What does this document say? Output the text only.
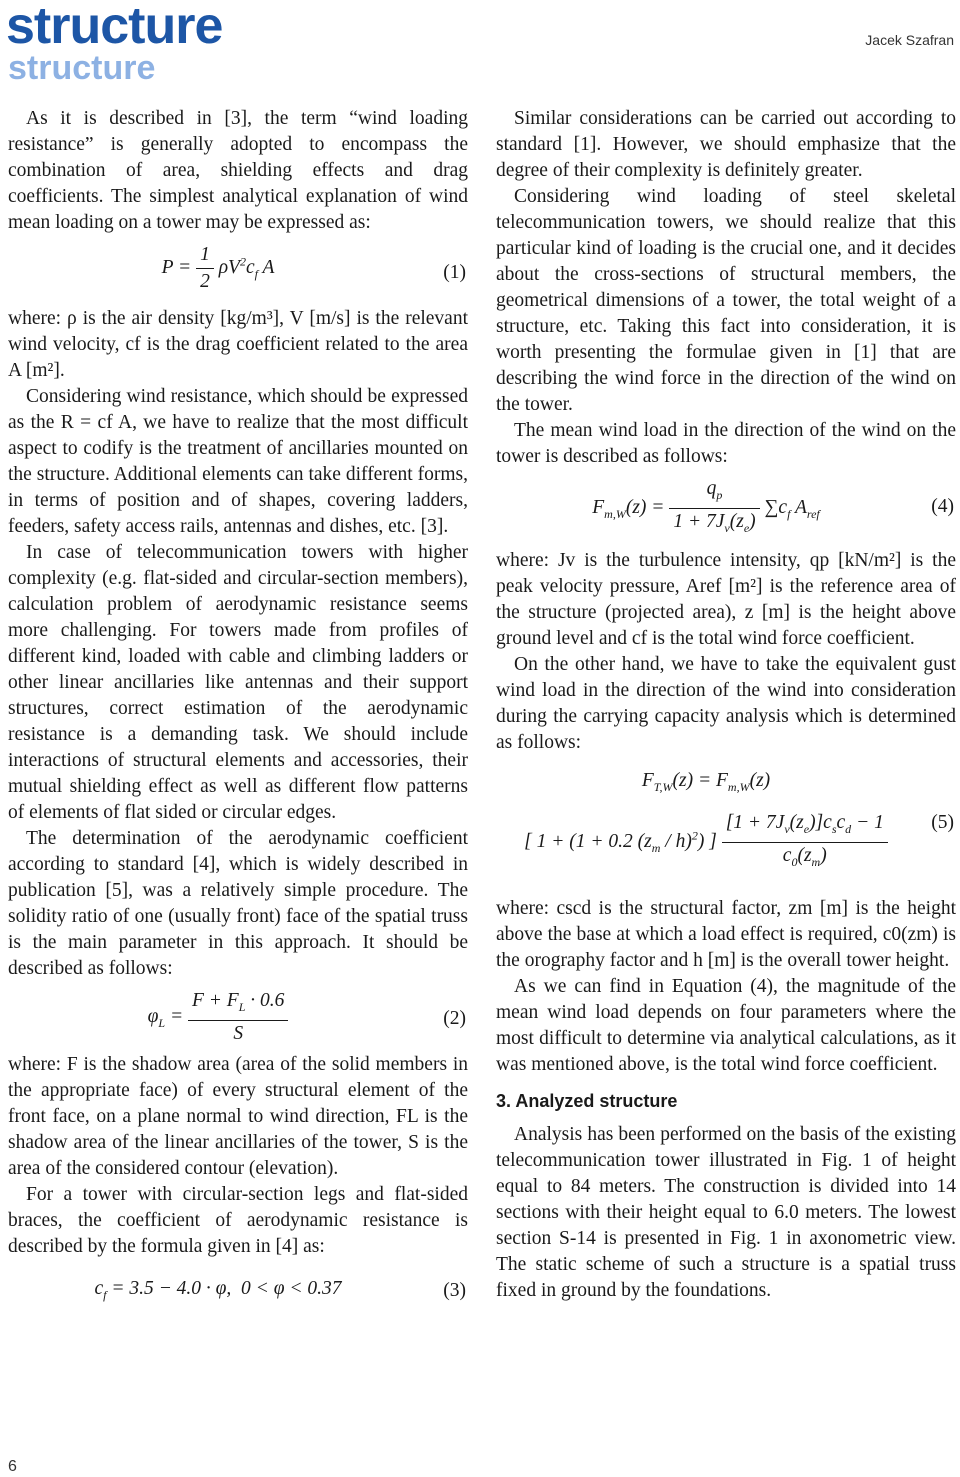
structure
structure
Jacek Szafran

As it is described in [3], the term “wind loading resistance” is generally adopted to encompass the combination of area, shielding effects and drag coefficients. The simplest analytical explanation of wind mean loading on a tower may be expressed as:

$P = \frac{1}{2} \rho V^2c_f$ A	(1)

where: ρ is the air density [kg/m³], V [m/s] is the relevant wind velocity, cf is the drag coefficient related to the area A [m²].

Considering wind resistance, which should be expressed as the R = cf A, we have to realize that the most difficult aspect to codify is the treatment of ancillaries mounted on the structure. Additional elements can take different forms, in terms of position and of shapes, covering ladders, feeders, safety access rails, antennas and dishes, etc. [3].

In case of telecommunication towers with higher complexity (e.g. flat-sided and circular-section members), calculation problem of aerodynamic resistance seems more challenging. For towers made from profiles of different kind, loaded with cable and climbing ladders or other linear ancillaries like antennas and their support structures, correct estimation of the aerodynamic resistance is a demanding task. We should include interactions of structural elements and accessories, their mutual shielding effect as well as different flow patterns of elements of flat sided or circular edges.

The determination of the aerodynamic coefficient according to standard [4], which is widely described in publication [5], was a relatively simple procedure. The solidity ratio of one (usually front) face of the spatial truss is the main parameter in this approach. It should be described as follows:

$\varphi_L = \frac{F + F_L \cdot 0.6}{S}$	(2)

where: F is the shadow area (area of the solid members in the appropriate face) of every structural element of the front face, on a plane normal to wind direction, FL is the shadow area of the linear ancillaries of the tower, S is the area of the considered contour (elevation).

For a tower with circular-section legs and flat-sided braces, the coefficient of aerodynamic resistance is described by the formula given in [4] as:

$c_f = 3.5 - 4.0 \cdot \varphi$,  0 < φ < 0.37	(3)

Similar considerations can be carried out according to standard [1]. However, we should emphasize that the degree of their complexity is definitely greater.

Considering wind loading of steel skeletal telecommunication towers, we should realize that this particular kind of loading is the crucial one, and it decides about the cross-sections of structural members, the geometrical dimensions of a tower, the total weight of a structure, etc. Taking this fact into consideration, it is worth presenting the formulae given in [1] that are describing the wind force in the direction of the wind on the tower.

The mean wind load in the direction of the wind on the tower is described as follows:

$F_{m,W}(z) = \frac{q_p}{1 + 7J_v(z_e)} \sum c_f$ $A_{ref}$	(4)

where: Jv is the turbulence intensity, qp [kN/m²] is the peak velocity pressure, Aref [m²] is the reference area of the structure (projected area), z [m] is the height above ground level and cf is the total wind force coefficient.

On the other hand, we have to take the equivalent gust wind load in the direction of the wind into consideration during the carrying capacity analysis which is determined as follows:

$F_{T,W}(z) = F_{m,W}(z)$
[ 1 + (1 + 0.2 $(z_m / h)^2$) ] $\frac{[1 + 7J_v(z_e)]c_sc_d - 1}{c_0(z_m)} (5)$

where: cscd is the structural factor, zm [m] is the height above the base at which a load effect is required, c0(zm) is the orography factor and h [m] is the overall tower height.

As we can find in Equation (4), the magnitude of the mean wind load depends on four parameters where the most difficult to determine via analytical calculations, as it was mentioned above, is the total wind force coefficient.

3. Analyzed structure

Analysis has been performed on the basis of the existing telecommunication tower illustrated in Fig. 1 of height equal to 84 meters. The construction is divided into 14 sections with their height equal to 6.0 meters. The lowest section S-14 is presented in Fig. 1 in axonometric view. The static scheme of such a structure is a spatial truss fixed in ground by the foundations.

6
